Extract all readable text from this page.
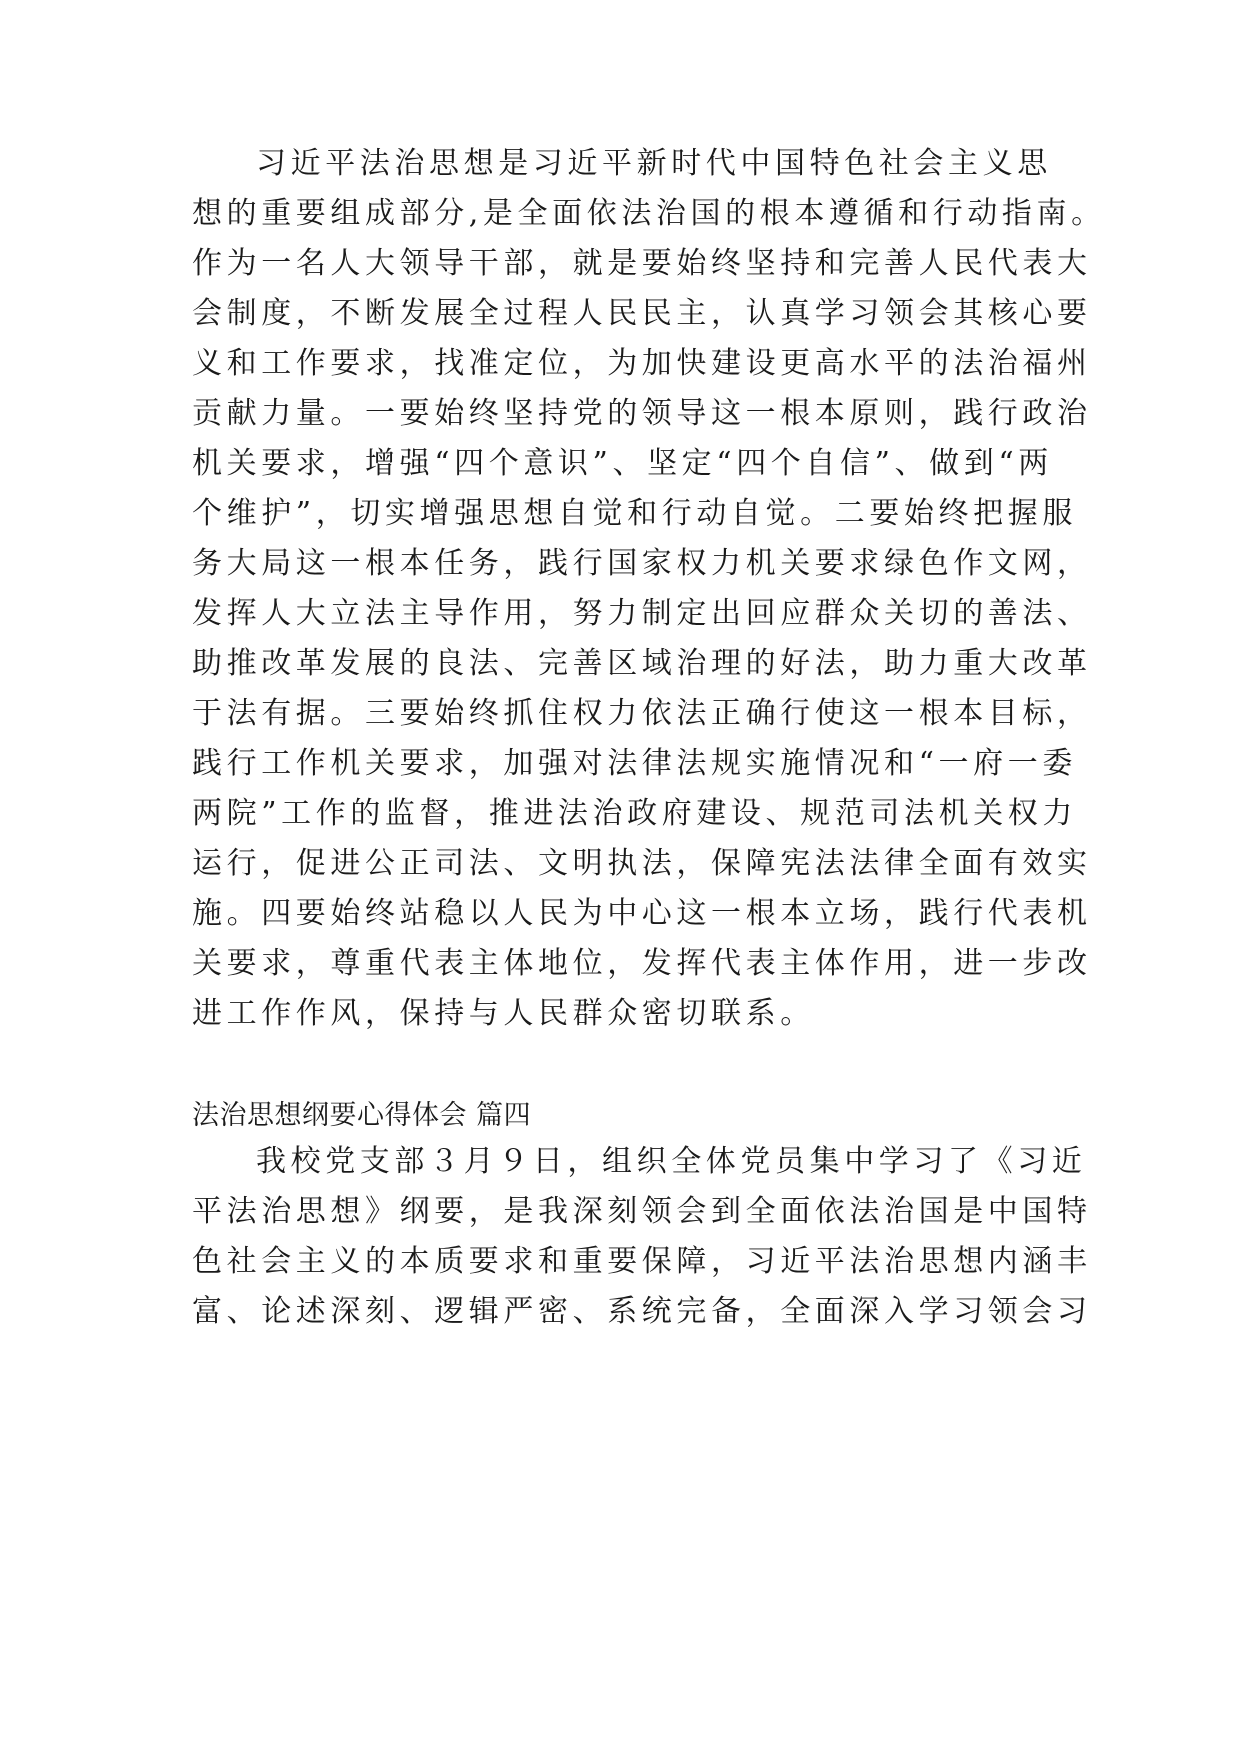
习近平法治思想是习近平新时代中国特色社会主义思
想的重要组成部分,是全面依法治国的根本遵循和行动指南。
作为一名人大领导干部，就是要始终坚持和完善人民代表大
会制度，不断发展全过程人民民主，认真学习领会其核心要
义和工作要求，找准定位，为加快建设更高水平的法治福州
贡献力量。一要始终坚持党的领导这一根本原则，践行政治
机关要求，增强“四个意识”、坚定“四个自信”、做到“两
个维护”，切实增强思想自觉和行动自觉。二要始终把握服
务大局这一根本任务，践行国家权力机关要求绿色作文网，
发挥人大立法主导作用，努力制定出回应群众关切的善法、
助推改革发展的良法、完善区域治理的好法，助力重大改革
于法有据。三要始终抓住权力依法正确行使这一根本目标，
践行工作机关要求，加强对法律法规实施情况和“一府一委
两院”工作的监督，推进法治政府建设、规范司法机关权力
运行，促进公正司法、文明执法，保障宪法法律全面有效实
施。四要始终站稳以人民为中心这一根本立场，践行代表机
关要求，尊重代表主体地位，发挥代表主体作用，进一步改
进工作作风，保持与人民群众密切联系。
法治思想纲要心得体会 篇四
我校党支部３月９日，组织全体党员集中学习了《习近
平法治思想》纲要，是我深刻领会到全面依法治国是中国特
色社会主义的本质要求和重要保障，习近平法治思想内涵丰
富、论述深刻、逻辑严密、系统完备，全面深入学习领会习
